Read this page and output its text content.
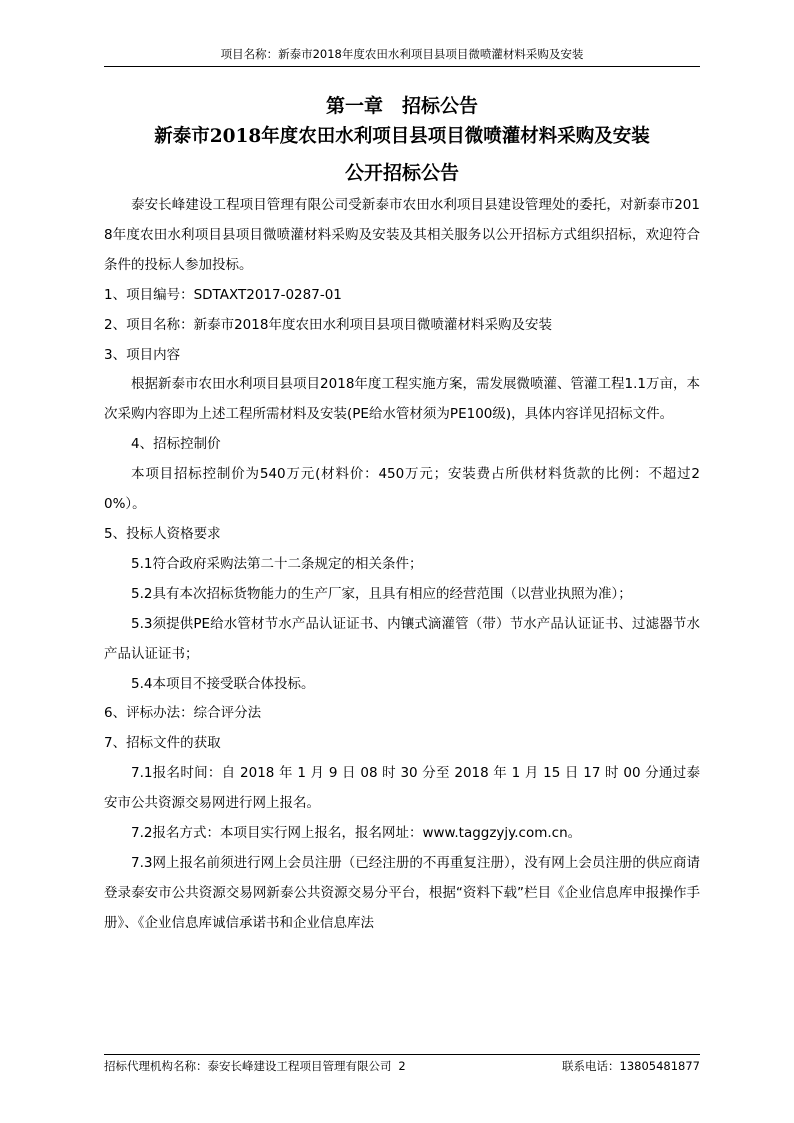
项目名称：新泰市2018年度农田水利项目县项目微喷灌材料采购及安装
第一章　招标公告
新泰市2018年度农田水利项目县项目微喷灌材料采购及安装
公开招标公告

泰安长峰建设工程项目管理有限公司受新泰市农田水利项目县建设管理处的委托，对新泰市2018年度农田水利项目县项目微喷灌材料采购及安装及其相关服务以公开招标方式组织招标，欢迎符合条件的投标人参加投标。

1、项目编号：SDTAXT2017-0287-01

2、项目名称：新泰市2018年度农田水利项目县项目微喷灌材料采购及安装

3、项目内容

根据新泰市农田水利项目县项目2018年度工程实施方案，需发展微喷灌、管灌工程1.1万亩，本次采购内容即为上述工程所需材料及安装(PE给水管材须为PE100级)，具体内容详见招标文件。

4、招标控制价

本项目招标控制价为540万元(材料价：450万元；安装费占所供材料货款的比例：不超过20%）。

5、投标人资格要求

5.1符合政府采购法第二十二条规定的相关条件；

5.2具有本次招标货物能力的生产厂家，且具有相应的经营范围（以营业执照为准）；

5.3须提供PE给水管材节水产品认证证书、内镶式滴灌管（带）节水产品认证证书、过滤器节水产品认证证书；

5.4本项目不接受联合体投标。

6、评标办法：综合评分法

7、招标文件的获取

7.1报名时间：自 2018 年 1 月 9 日 08 时 30 分至 2018 年 1 月 15 日 17 时 00 分通过泰安市公共资源交易网进行网上报名。

7.2报名方式：本项目实行网上报名，报名网址：www.taggzyjy.com.cn。

7.3网上报名前须进行网上会员注册（已经注册的不再重复注册），没有网上会员注册的供应商请登录泰安市公共资源交易网新泰公共资源交易分平台，根据“资料下载”栏目《企业信息库申报操作手册》、《企业信息库诚信承诺书和企业信息库法

招标代理机构名称：泰安长峰建设工程项目管理有限公司 2	联系电话：13805481877
